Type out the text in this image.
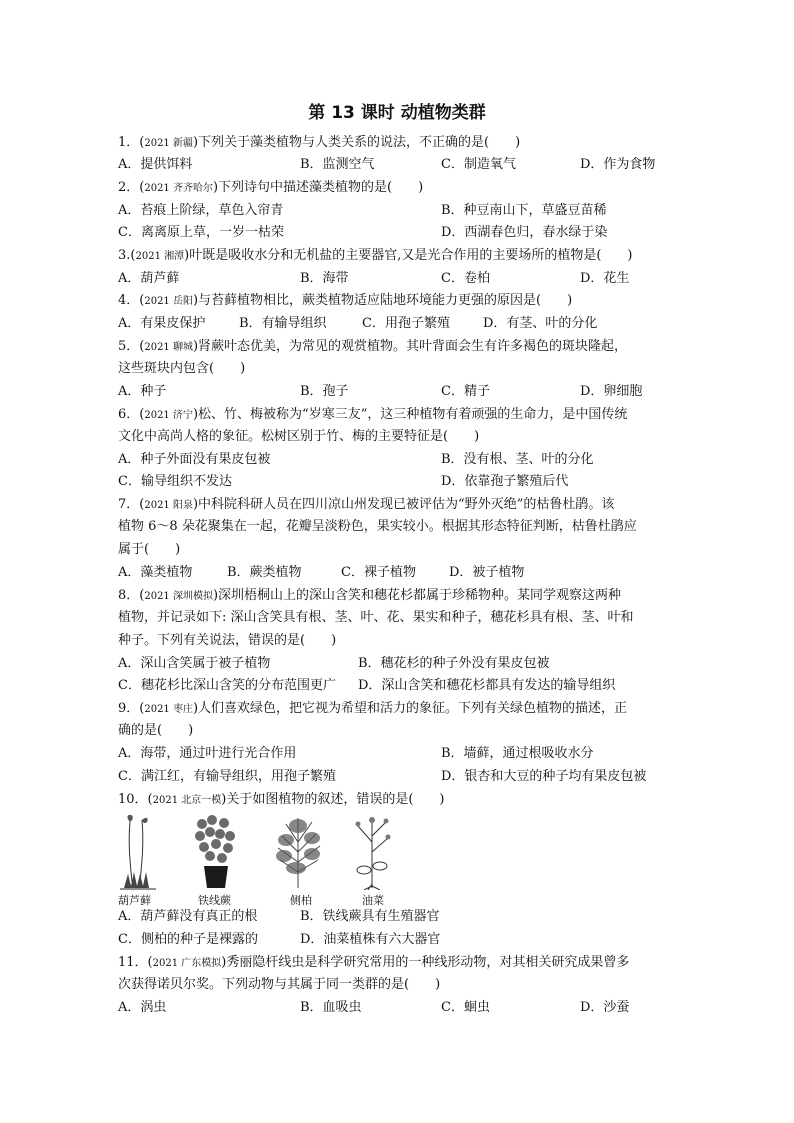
第 13 课时 动植物类群
1．(2021 新疆)下列关于藻类植物与人类关系的说法，不正确的是(　　)
A．提供饵料	B．监测空气	C．制造氧气	D．作为食物
2．(2021 齐齐哈尔)下列诗句中描述藻类植物的是(　　)
A．苔痕上阶绿，草色入帘青	B．种豆南山下，草盛豆苗稀
C．离离原上草，一岁一枯荣	D．西湖春色归，春水绿于染
3.(2021 湘潭)叶既是吸收水分和无机盐的主要器官,又是光合作用的主要场所的植物是(　　)
A．葫芦藓	B．海带	C．卷柏	D．花生
4．(2021 岳阳)与苔藓植物相比，蕨类植物适应陆地环境能力更强的原因是(　　)
A．有果皮保护	B．有输导组织	C．用孢子繁殖	D．有茎、叶的分化
5．(2021 聊城)肾蕨叶态优美，为常见的观赏植物。其叶背面会生有许多褐色的斑块隆起，
这些斑块内包含(　　)
A．种子	B．孢子	C．精子	D．卵细胞
6．(2021 济宁)松、竹、梅被称为“岁寒三友”，这三种植物有着顽强的生命力，是中国传统
文化中高尚人格的象征。松树区别于竹、梅的主要特征是(　　)
A．种子外面没有果皮包被	B．没有根、茎、叶的分化
C．输导组织不发达	D．依靠孢子繁殖后代
7．(2021 阳泉)中科院科研人员在四川凉山州发现已被评估为“野外灭绝”的枯鲁杜鹃。该
植物 6～8 朵花聚集在一起，花瓣呈淡粉色，果实较小。根据其形态特征判断，枯鲁杜鹃应
属于(　　)
A．藻类植物	B．蕨类植物	C．裸子植物	D．被子植物
8．(2021 深圳模拟)深圳梧桐山上的深山含笑和穗花杉都属于珍稀物种。某同学观察这两种
植物，并记录如下: 深山含笑具有根、茎、叶、花、果实和种子，穗花杉具有根、茎、叶和
种子。下列有关说法，错误的是(　　)
A．深山含笑属于被子植物	B．穗花杉的种子外没有果皮包被
C．穗花杉比深山含笑的分布范围更广 D．深山含笑和穗花杉都具有发达的输导组织
9．(2021 枣庄)人们喜欢绿色，把它视为希望和活力的象征。下列有关绿色植物的描述，正
确的是(　　)
A．海带，通过叶进行光合作用	B．墙藓，通过根吸收水分
C．满江红，有输导组织，用孢子繁殖	D．银杏和大豆的种子均有果皮包被
10．(2021 北京一模)关于如图植物的叙述，错误的是(　　)
葫芦藓	铁线蕨	侧柏	油菜
A．葫芦藓没有真正的根	B．铁线蕨具有生殖器官
C．侧柏的种子是裸露的	D．油菜植株有六大器官
11．(2021 广东模拟)秀丽隐杆线虫是科学研究常用的一种线形动物，对其相关研究成果曾多
次获得诺贝尔奖。下列动物与其属于同一类群的是(　　)
A．涡虫	B．血吸虫	C．蛔虫	D．沙蚕
